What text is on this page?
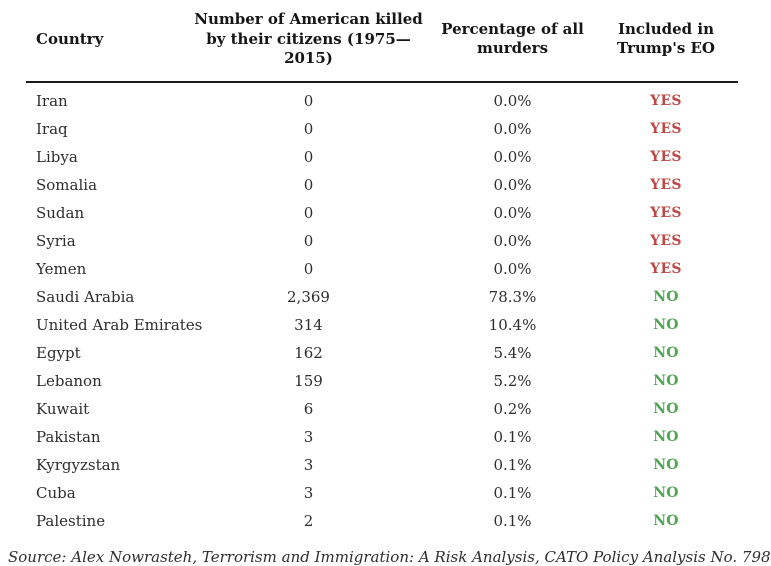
Country	Number of American killed by their citizens (1975—2015)	Percentage of all murders	Included in Trump's EO
Iran	0	0.0%	YES
Iraq	0	0.0%	YES
Libya	0	0.0%	YES
Somalia	0	0.0%	YES
Sudan	0	0.0%	YES
Syria	0	0.0%	YES
Yemen	0	0.0%	YES
Saudi Arabia	2,369	78.3%	NO
United Arab Emirates	314	10.4%	NO
Egypt	162	5.4%	NO
Lebanon	159	5.2%	NO
Kuwait	6	0.2%	NO
Pakistan	3	0.1%	NO
Kyrgyzstan	3	0.1%	NO
Cuba	3	0.1%	NO
Palestine	2	0.1%	NO

Source: Alex Nowrasteh, Terrorism and Immigration: A Risk Analysis, CATO Policy Analysis No. 798
